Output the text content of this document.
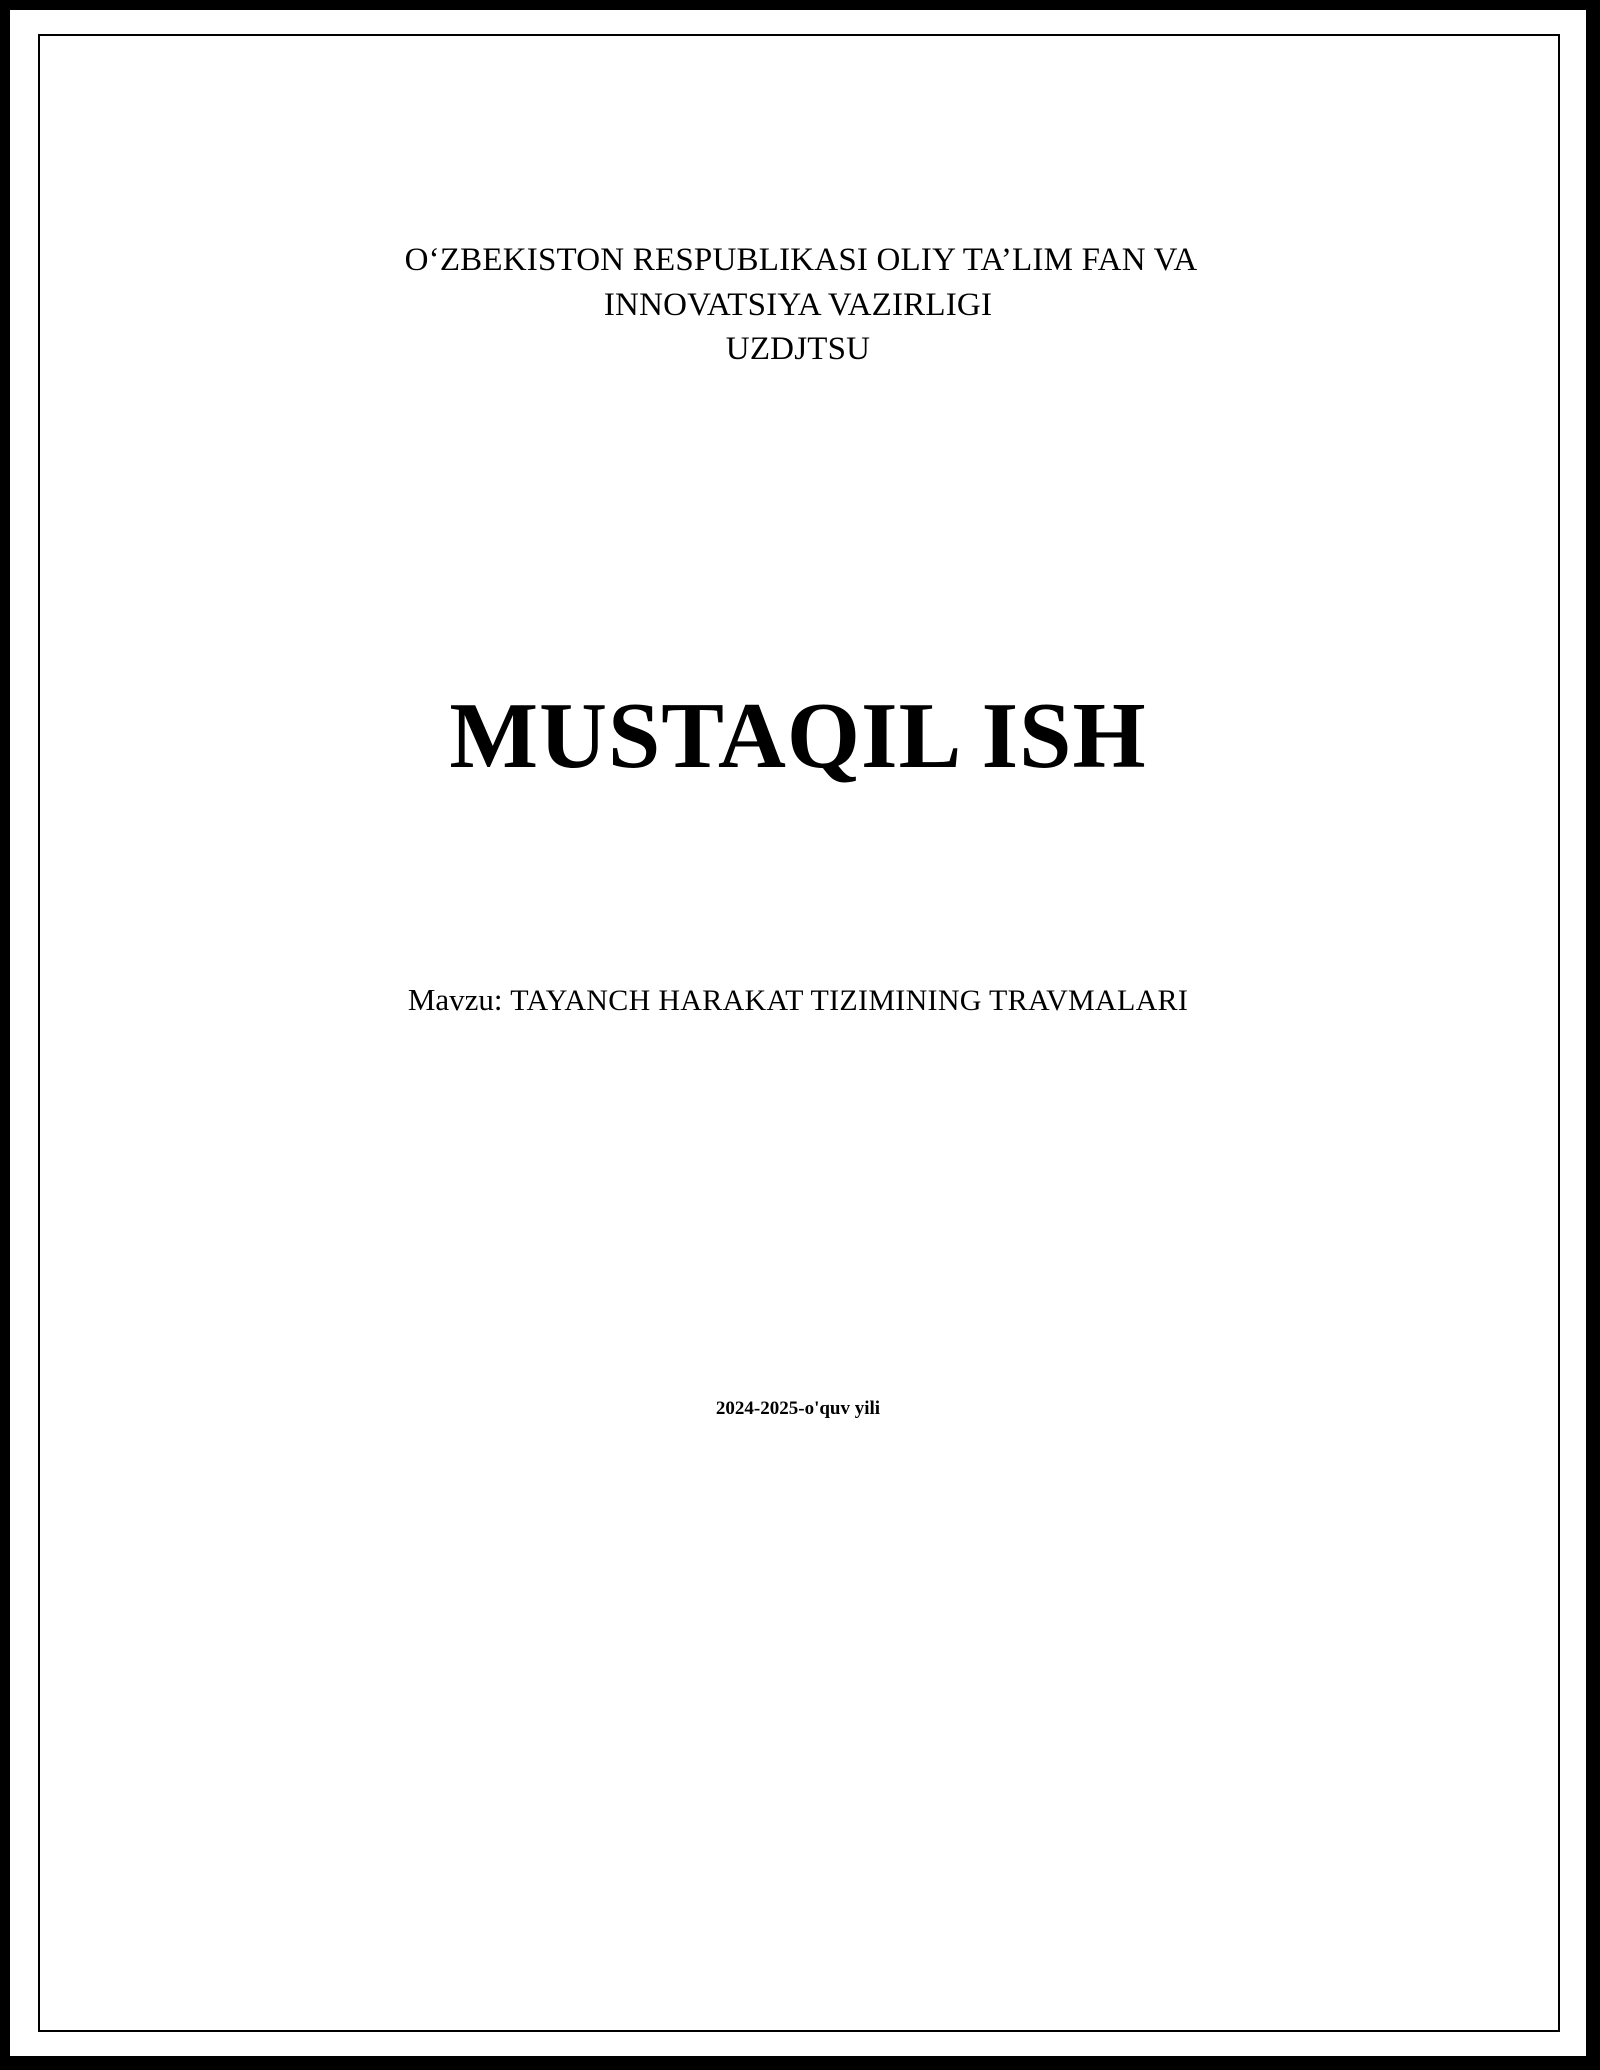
O‘ZBEKISTON RESPUBLIKASI OLIY TA’LIM FAN VA
INNOVATSIYA VAZIRLIGI
UZDJTSU
MUSTAQIL ISH
Mavzu: TAYANCH HARAKAT TIZIMINING TRAVMALARI
2024-2025-o'quv yili
